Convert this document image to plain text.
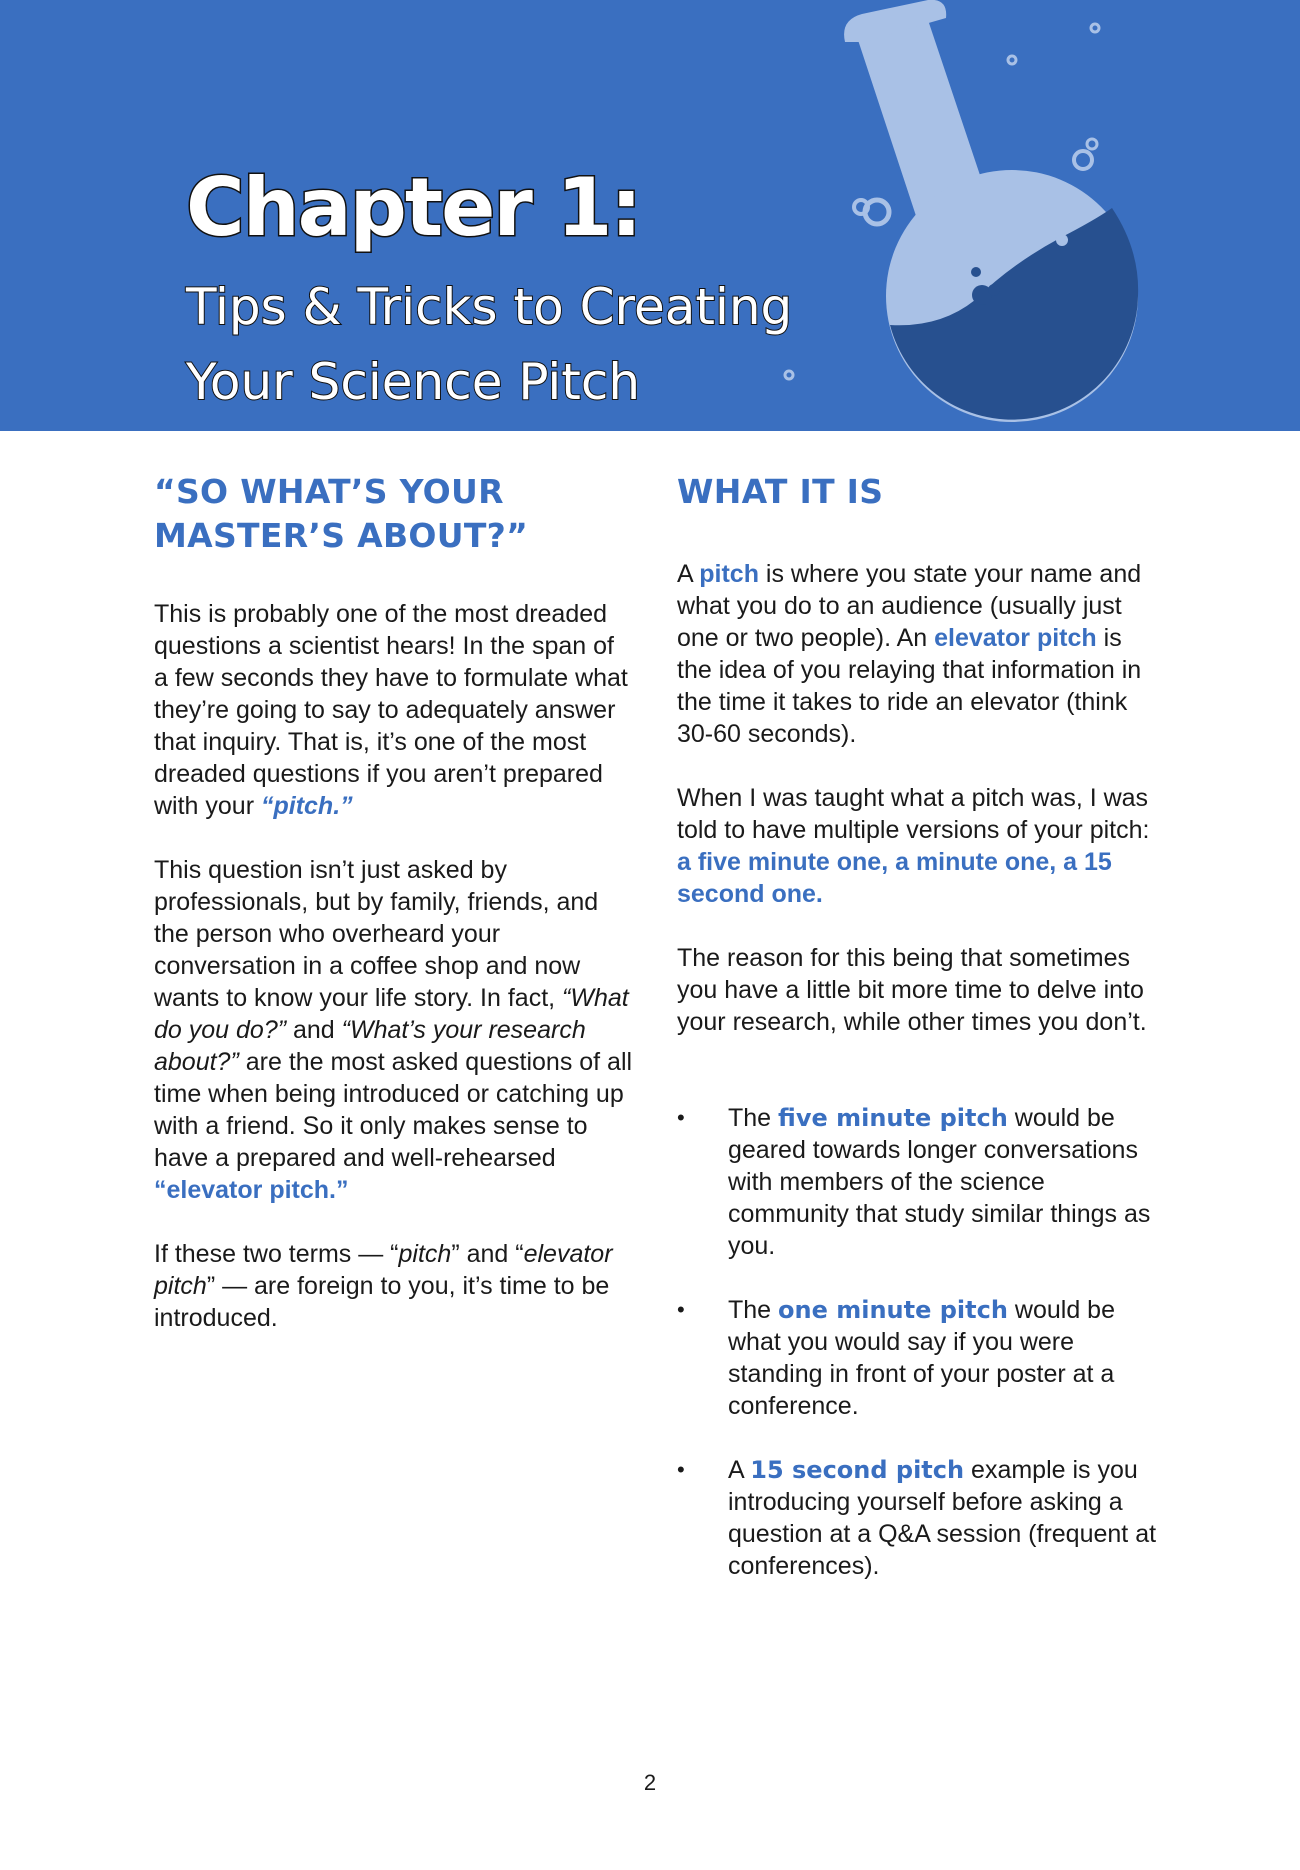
Chapter 1:
Tips & Tricks to Creating
Your Science Pitch
“SO WHAT’S YOUR
MASTER’S ABOUT?”

This is probably one of the most dreaded questions a scientist hears! In the span of a few seconds they have to formulate what they’re going to say to adequately answer that inquiry. That is, it’s one of the most dreaded questions if you aren’t prepared with your “pitch.”

This question isn’t just asked by professionals, but by family, friends, and the person who overheard your conversation in a coffee shop and now wants to know your life story. In fact, “What do you do?” and “What’s your research about?” are the most asked questions of all time when being introduced or catching up with a friend. So it only makes sense to have a prepared and well-rehearsed “elevator pitch.”

If these two terms — “pitch” and “elevator pitch” — are foreign to you, it’s time to be introduced.

WHAT IT IS

A pitch is where you state your name and what you do to an audience (usually just one or two people). An elevator pitch is the idea of you relaying that information in the time it takes to ride an elevator (think 30-60 seconds).

When I was taught what a pitch was, I was told to have multiple versions of your pitch: a five minute one, a minute one, a 15 second one.

The reason for this being that sometimes you have a little bit more time to delve into your research, while other times you don’t.

• The five minute pitch would be geared towards longer conversations with members of the science community that study similar things as you.
• The one minute pitch would be what you would say if you were standing in front of your poster at a conference.
• A 15 second pitch example is you introducing yourself before asking a question at a Q&A session (frequent at conferences).
2
